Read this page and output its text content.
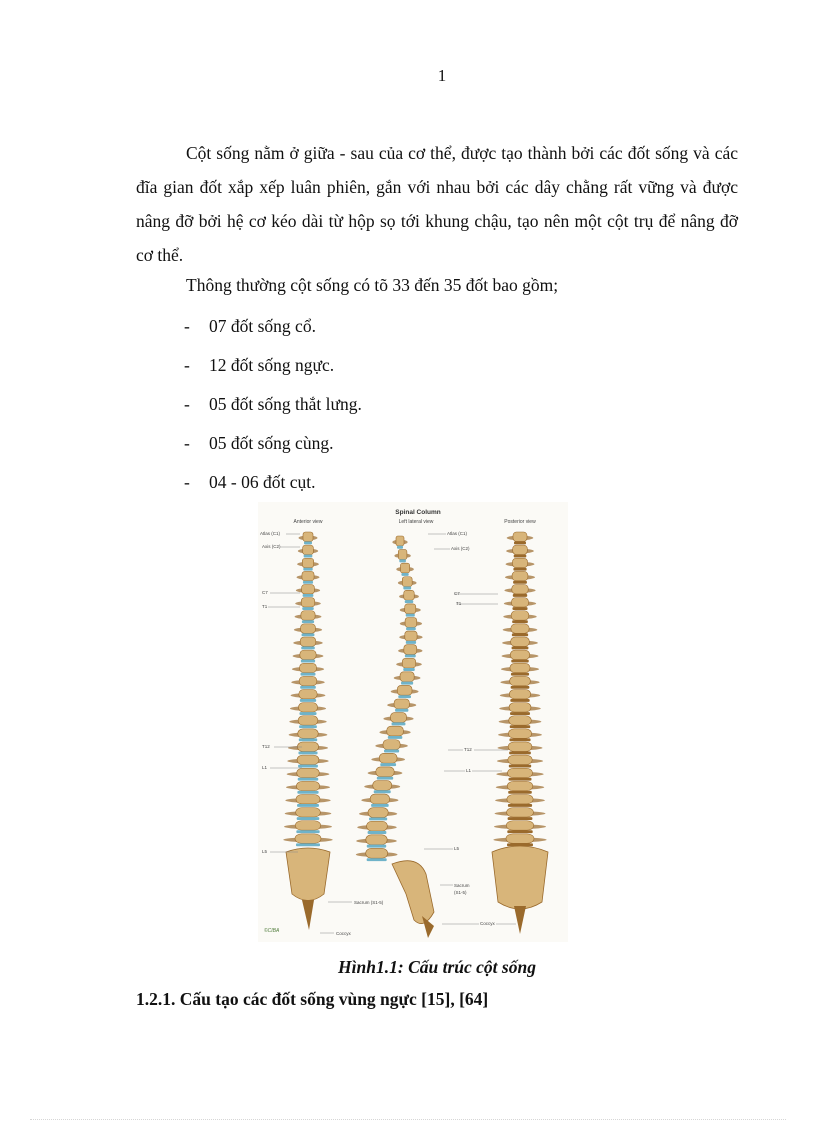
1

Cột sống nằm ở giữa - sau của cơ thể, được tạo thành bởi các đốt sống và các đĩa gian đốt xắp xếp luân phiên, gắn với nhau bởi các dây chằng rất vững và được nâng đỡ bởi hệ cơ kéo dài từ hộp sọ tới khung chậu, tạo nên một cột trụ để nâng đỡ cơ thể.

Thông thường cột sống có tõ 33 đến 35 đốt bao gồm;

- 07 đốt sống cổ.
- 12 đốt sống ngực.
- 05 đốt sống thắt lưng.
- 05 đốt sống cùng.
- 04 - 06 đốt cụt.
Spinal Column
Anterior view	Left lateral view	Posterior view
Atlas (C1)
Axis (C2)
C7
T1
T12
L1
L5
Sacrum (S1-5)
Coccyx
Atlas (C1)
Axis (C2)
C7
T1
T12
L1
L5
Sacrum
(S1-5)
Coccyx
©CIBA
Hình1.1: Cấu trúc cột sống
1.2.1. Cấu tạo các đốt sống vùng ngực [15], [64]
